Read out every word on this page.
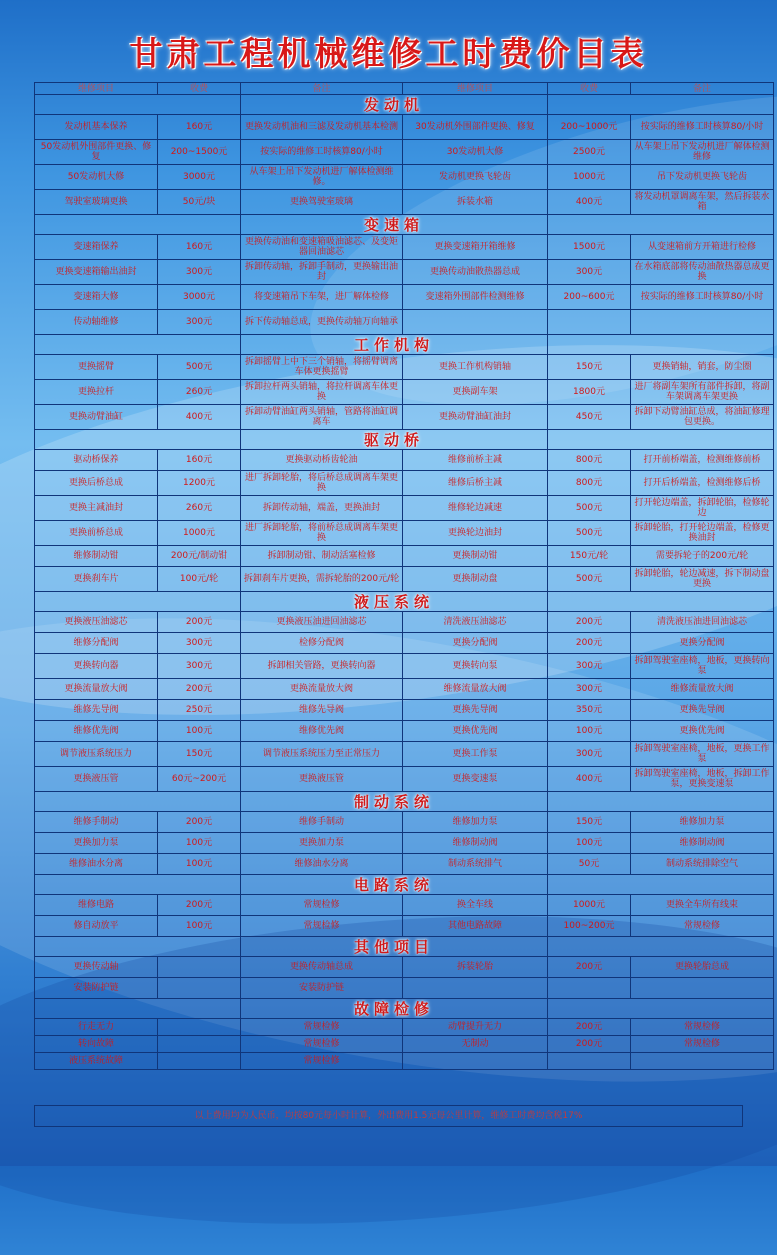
甘肃工程机械维修工时费价目表
维修项目	收费	备注	维修项目	收费	备注
		发动机			
发动机基本保养	160元	更换发动机油和三滤及发动机基本检测	30发动机外围部件更换、修复	200~1000元	按实际的维修工时核算80/小时
50发动机外围部件更换、修复	200~1500元	按实际的维修工时核算80/小时	30发动机大修	2500元	从车架上吊下发动机进厂解体检测维修
50发动机大修	3000元	从车架上吊下发动机进厂解体检测维修。	发动机更换飞轮齿	1000元	吊下发动机更换飞轮齿
驾驶室玻璃更换	50元/块	更换驾驶室玻璃	拆装水箱	400元	将发动机罩调离车架，然后拆装水箱
		变速箱			
变速箱保养	160元	更换传动油和变速箱吸油滤芯、及变矩器回油滤芯	更换变速箱开箱维修	1500元	从变速箱前方开箱进行检修
更换变速箱输出油封	300元	拆卸传动轴，拆卸手制动，更换输出油封	更换传动油散热器总成	300元	在水箱底部将传动油散热器总成更换
变速箱大修	3000元	将变速箱吊下车架，进厂解体检修	变速箱外围部件检测维修	200~600元	按实际的维修工时核算80/小时
传动轴维修	300元	拆下传动轴总成，更换传动轴万向轴承			
		工作机构			
更换摇臂	500元	拆卸摇臂上中下三个销轴，将摇臂调离车体更换摇臂	更换工作机构销轴	150元	更换销轴，销套，防尘圈
更换拉杆	260元	拆卸拉杆两头销轴，将拉杆调离车体更换	更换副车架	1800元	进厂将副车架所有部件拆卸，将副车架调离车架更换
更换动臂油缸	400元	拆卸动臂油缸两头销轴，管路将油缸调离车	更换动臂油缸油封	450元	拆卸下动臂油缸总成，将油缸修理包更换。
		驱动桥			
驱动桥保养	160元	更换驱动桥齿轮油	维修前桥主减	800元	打开前桥端盖，检测维修前桥
更换后桥总成	1200元	进厂拆卸轮胎，将后桥总成调离车架更换	维修后桥主减	800元	打开后桥端盖，检测维修后桥
更换主减油封	260元	拆卸传动轴，端盖，更换油封	维修轮边减速	500元	打开轮边端盖，拆卸轮胎，检修轮边
更换前桥总成	1000元	进厂拆卸轮胎，将前桥总成调离车架更换	更换轮边油封	500元	拆卸轮胎，打开轮边端盖，检修更换油封
维修制动钳	200元/制动钳	拆卸制动钳、制动活塞检修	更换制动钳	150元/轮	需要拆轮子的200元/轮
更换刹车片	100元/轮	拆卸刹车片更换，需拆轮胎的200元/轮	更换制动盘	500元	拆卸轮胎，轮边减速，拆下制动盘更换
		液压系统			
更换液压油滤芯	200元	更换液压油进回油滤芯	清洗液压油滤芯	200元	清洗液压油进回油滤芯
维修分配阀	300元	检修分配阀	更换分配阀	200元	更换分配阀
更换转向器	300元	拆卸相关管路，更换转向器	更换转向泵	300元	拆卸驾驶室座椅，地板，更换转向泵
更换流量放大阀	200元	更换流量放大阀	维修流量放大阀	300元	维修流量放大阀
维修先导阀	250元	维修先导阀	更换先导阀	350元	更换先导阀
维修优先阀	100元	维修优先阀	更换优先阀	100元	更换优先阀
调节液压系统压力	150元	调节液压系统压力至正常压力	更换工作泵	300元	拆卸驾驶室座椅，地板，更换工作泵
更换液压管	60元~200元	更换液压管	更换变速泵	400元	拆卸驾驶室座椅，地板，拆卸工作泵，更换变速泵
		制动系统			
维修手制动	200元	维修手制动	维修加力泵	150元	维修加力泵
更换加力泵	100元	更换加力泵	维修制动阀	100元	维修制动阀
维修油水分离	100元	维修油水分离	制动系统排气	50元	制动系统排除空气
		电路系统			
维修电路	200元	常规检修	换全车线	1000元	更换全车所有线束
修自动放平	100元	常规检修	其他电路故障	100~200元	常规检修
		其他项目			
更换传动轴		更换传动轴总成	拆装轮胎	200元	更换轮胎总成
安装防护链		安装防护链			
		故障检修			
行走无力		常规检修	动臂提升无力	200元	常规检修
转向故障		常规检修	无制动	200元	常规检修
液压系统故障		常规检修			
以上费用均为人民币，均按80元每小时计算，外出费用1.5元每公里计算，维修工时费均含税17%
